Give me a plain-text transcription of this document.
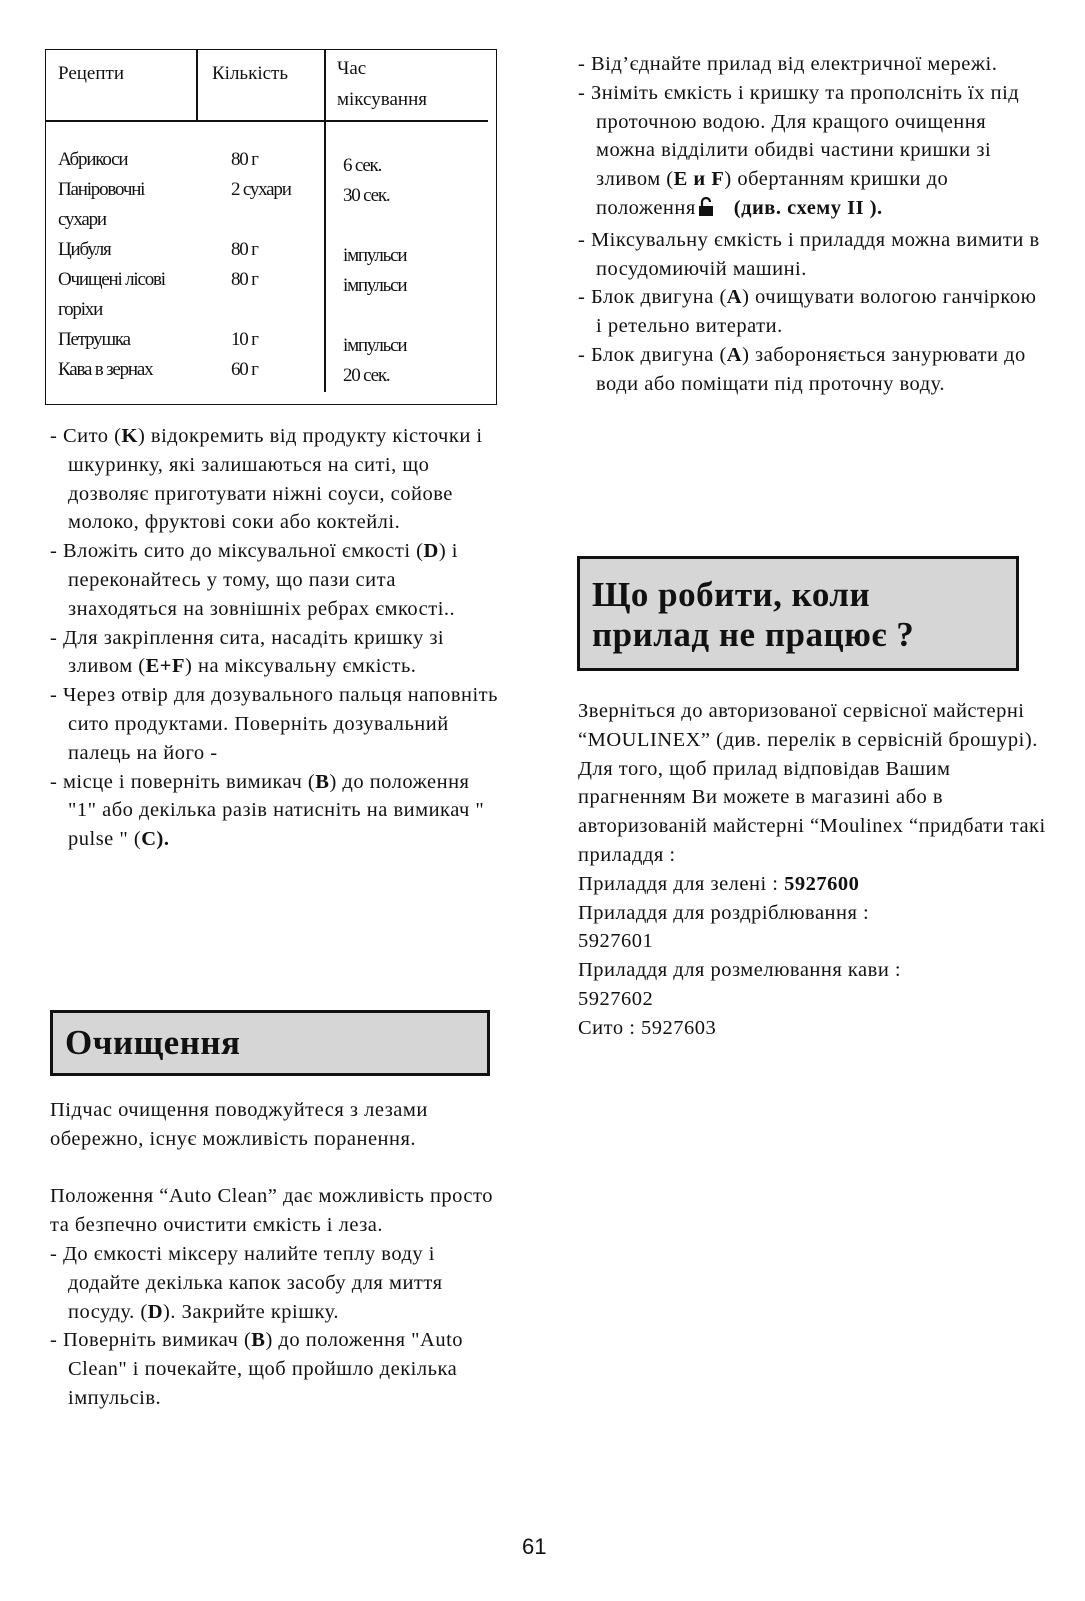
Рецепти	Кількість	Час
міксування
Абрикоси
Панірoвочні
сухари
Цибуля
Очищені лісові
горіхи
Петрушка
Кава в зернах
80 г
2 сухари
80 г
80 г
10 г
60 г
6 сек.
30 сек.
імпульси
імпульси
імпульси
20 сек.

- Сито (K) відокремить від продукту кісточки і шкуринку, які залишаються на ситі, що дозволяє приготувати ніжні соуси, сойове молоко, фруктові соки або коктейлі.

- Вложіть сито до міксувальної ємкості (D) і переконайтесь у тому, що пази сита знаходяться на зовнішніх ребрах ємкості..

- Для закріплення сита, насадіть кришку зі зливом (E+F) на міксувальну ємкість.

- Через отвір для дозувального пальця наповніть сито продуктами. Поверніть дозувальний палець на його -

- місце і поверніть вимикач (B) до положення "1" або декілька разів натисніть на вимикач " pulse " (C).

Очищення

Підчас очищення поводжуйтеся з лезами обережно, існує можливість поранення.

Положення “Auto Clean” дає можливість просто та безпечно очистити ємкість і леза.

- До ємкості міксеру налийте теплу воду і додайте декілька капок засобу для миття посуду. (D). Закрийте крішку.

- Поверніть вимикач (B) до положення "Auto Clean" і почекайте, щоб пройшло декілька імпульсів.

- Від’єднайте прилад від електричної мережі.

- Зніміть ємкість і кришку та прополсніть їх під проточною водою. Для кращого очищення можна відділити обидві частини кришки зі зливом (E и F) обертанням кришки до положення (див. схему II ).

- Міксувальну ємкість і приладдя можна вимити в посудомиючій машині.

- Блок двигуна (A) очищувати вологою ганчіркою і ретельно витерати.

- Блок двигуна (A) забороняється занурювати до води або поміщати під проточну воду.

Що робити, коли
прилад не працює ?

Зверніться до авторизованої сервісної майстерні “MOULINEX” (див. перелік в сервісній брошурі).

Для того, щоб прилад відповідав Вашим прагненням Ви можете в магазині або в авторизованій майстерні “Moulinex “придбати такі приладдя :

Приладдя для зелені : 5927600

Приладдя для роздріблювання :

5927601

Приладдя для розмелювання кави :

5927602

Сито : 5927603

61
